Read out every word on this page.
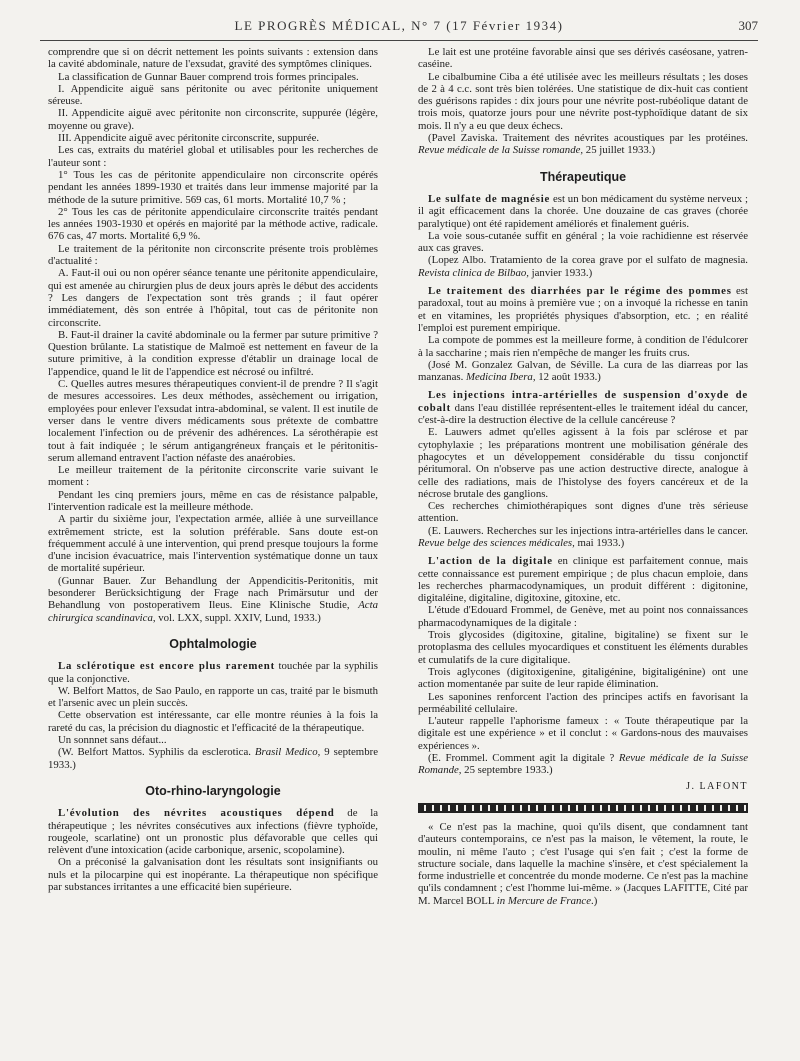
LE PROGRÈS MÉDICAL, N° 7 (17 Février 1934)	307

comprendre que si on décrit nettement les points suivants : extension dans la cavité abdominale, nature de l'exsudat, gravité des symptômes cliniques.

La classification de Gunnar Bauer comprend trois formes principales.

I. Appendicite aiguë sans péritonite ou avec péritonite uniquement séreuse.

II. Appendicite aiguë avec péritonite non circonscrite, suppurée (légère, moyenne ou grave).

III. Appendicite aiguë avec péritonite circonscrite, suppurée.

Les cas, extraits du matériel global et utilisables pour les recherches de l'auteur sont :

1° Tous les cas de péritonite appendiculaire non circonscrite opérés pendant les années 1899-1930 et traités dans leur immense majorité par la méthode de la suture primitive. 569 cas, 61 morts. Mortalité 10,7 % ;

2° Tous les cas de péritonite appendiculaire circonscrite traités pendant les années 1903-1930 et opérés en majorité par la méthode active, radicale. 676 cas, 47 morts. Mortalité 6,9 %.

Le traitement de la péritonite non circonscrite présente trois problèmes d'actualité :

A. Faut-il oui ou non opérer séance tenante une péritonite appendiculaire, qui est amenée au chirurgien plus de deux jours après le début des accidents ? Les dangers de l'expectation sont très grands ; il faut opérer immédiatement, dès son entrée à l'hôpital, tout cas de péritonite non circonscrite.

B. Faut-il drainer la cavité abdominale ou la fermer par suture primitive ? Question brûlante. La statistique de Malmoë est nettement en faveur de la suture primitive, à la condition expresse d'établir un drainage local de l'appendice, quand le lit de l'appendice est nécrosé ou infiltré.

C. Quelles autres mesures thérapeutiques convient-il de prendre ? Il s'agit de mesures accessoires. Les deux méthodes, assèchement ou irrigation, employées pour enlever l'exsudat intra-abdominal, se valent. Il est inutile de verser dans le ventre divers médicaments sous prétexte de combattre localement l'infection ou de prévenir des adhérences. La sérothérapie est tout à fait indiquée ; le sérum antigangréneux français et le péritonitis-serum allemand entravent l'action néfaste des anaérobies.

Le meilleur traitement de la péritonite circonscrite varie suivant le moment :

Pendant les cinq premiers jours, même en cas de résistance palpable, l'intervention radicale est la meilleure méthode.

A partir du sixième jour, l'expectation armée, alliée à une surveillance extrêmement stricte, est la solution préférable. Sans doute est-on fréquemment acculé à une intervention, qui prend presque toujours la forme d'une incision évacuatrice, mais l'intervention systématique donne un taux de mortalité supérieur.

(Gunnar Bauer. Zur Behandlung der Appendicitis-Peritonitis, mit besonderer Berücksichtigung der Frage nach Primärsutur und der Behandlung von postoperativem Ileus. Eine Klinische Studie, Acta chirurgica scandinavica, vol. LXX, suppl. XXIV, Lund, 1933.)

Ophtalmologie

La sclérotique est encore plus rarement touchée par la syphilis que la conjonctive.

W. Belfort Mattos, de Sao Paulo, en rapporte un cas, traité par le bismuth et l'arsenic avec un plein succès.

Cette observation est intéressante, car elle montre réunies à la fois la rareté du cas, la précision du diagnostic et l'efficacité de la thérapeutique.

Un sonnnet sans défaut...

(W. Belfort Mattos. Syphilis da esclerotica. Brasil Medico, 9 septembre 1933.)

Oto-rhino-laryngologie

L'évolution des névrites acoustiques dépend de la thérapeutique ; les névrites consécutives aux infections (fièvre typhoïde, rougeole, scarlatine) ont un pronostic plus défavorable que celles qui relèvent d'une intoxication (acide carbonique, arsenic, scopolamine).

On a préconisé la galvanisation dont les résultats sont insignifiants ou nuls et la pilocarpine qui est inopérante. La thérapeutique non spécifique par substances irritantes a une efficacité bien supérieure.

Le lait est une protéine favorable ainsi que ses dérivés caséosane, yatren-caséine.

Le cibalbumine Ciba a été utilisée avec les meilleurs résultats ; les doses de 2 à 4 c.c. sont très bien tolérées. Une statistique de dix-huit cas contient des guérisons rapides : dix jours pour une névrite post-rubéolique datant de trois mois, quatorze jours pour une névrite post-typhoïdique datant de six mois. Il n'y a eu que deux échecs.

(Pavel Zaviska. Traitement des névrites acoustiques par les protéines. Revue médicale de la Suisse romande, 25 juillet 1933.)

Thérapeutique

Le sulfate de magnésie est un bon médicament du système nerveux ; il agit efficacement dans la chorée. Une douzaine de cas graves (chorée paralytique) ont été rapidement améliorés et finalement guéris.

La voie sous-cutanée suffit en général ; la voie rachidienne est réservée aux cas graves.

(Lopez Albo. Tratamiento de la corea grave por el sulfato de magnesia. Revista clinica de Bilbao, janvier 1933.)

Le traitement des diarrhées par le régime des pommes est paradoxal, tout au moins à première vue ; on a invoqué la richesse en tanin et en vitamines, les propriétés physiques d'absorption, etc. ; en réalité l'emploi est purement empirique.

La compote de pommes est la meilleure forme, à condition de l'édulcorer à la saccharine ; mais rien n'empêche de manger les fruits crus.

(José M. Gonzalez Galvan, de Séville. La cura de las diarreas por las manzanas. Medicina Ibera, 12 août 1933.)

Les injections intra-artérielles de suspension d'oxyde de cobalt dans l'eau distillée représentent-elles le traitement idéal du cancer, c'est-à-dire la destruction élective de la cellule cancéreuse ?

E. Lauwers admet qu'elles agissent à la fois par sclérose et par cytophylaxie ; les préparations montrent une mobilisation générale des phagocytes et un développement considérable du tissu conjonctif péritumoral. On n'observe pas une action destructive directe, analogue à celle des radiations, mais de l'histolyse des foyers cancéreux et de la nécrose brutale des ganglions.

Ces recherches chimiothérapiques sont dignes d'une très sérieuse attention.

(E. Lauwers. Recherches sur les injections intra-artérielles dans le cancer. Revue belge des sciences médicales, mai 1933.)

L'action de la digitale en clinique est parfaitement connue, mais cette connaissance est purement empirique ; de plus chacun emploie, dans les recherches pharmacodynamiques, un produit différent : digitonine, digitaléine, digitaline, digitoxine, gitoxine, etc.

L'étude d'Edouard Frommel, de Genève, met au point nos connaissances pharmacodynamiques de la digitale :

Trois glycosides (digitoxine, gitaline, bigitaline) se fixent sur le protoplasma des cellules myocardiques et constituent les éléments durables et cumulatifs de la cure digitalique.

Trois aglycones (digitoxigenine, gitaligénine, bigitaligénine) ont une action momentanée par suite de leur rapide élimination.

Les saponines renforcent l'action des principes actifs en favorisant la perméabilité cellulaire.

L'auteur rappelle l'aphorisme fameux : « Toute thérapeutique par la digitale est une expérience » et il conclut : « Gardons-nous des mauvaises expériences ».

(E. Frommel. Comment agit la digitale ? Revue médicale de la Suisse Romande, 25 septembre 1933.)

J. LAFONT

« Ce n'est pas la machine, quoi qu'ils disent, que condamnent tant d'auteurs contemporains, ce n'est pas la maison, le vêtement, la route, le moulin, ni même l'auto ; c'est l'usage qui s'en fait ; c'est la forme de structure sociale, dans laquelle la machine s'insère, et c'est spécialement la forme industrielle et concentrée du monde moderne. Ce n'est pas la machine qu'ils condamnent ; c'est l'homme lui-même. » (Jacques LAFITTE, Cité par M. Marcel BOLL in Mercure de France.)
